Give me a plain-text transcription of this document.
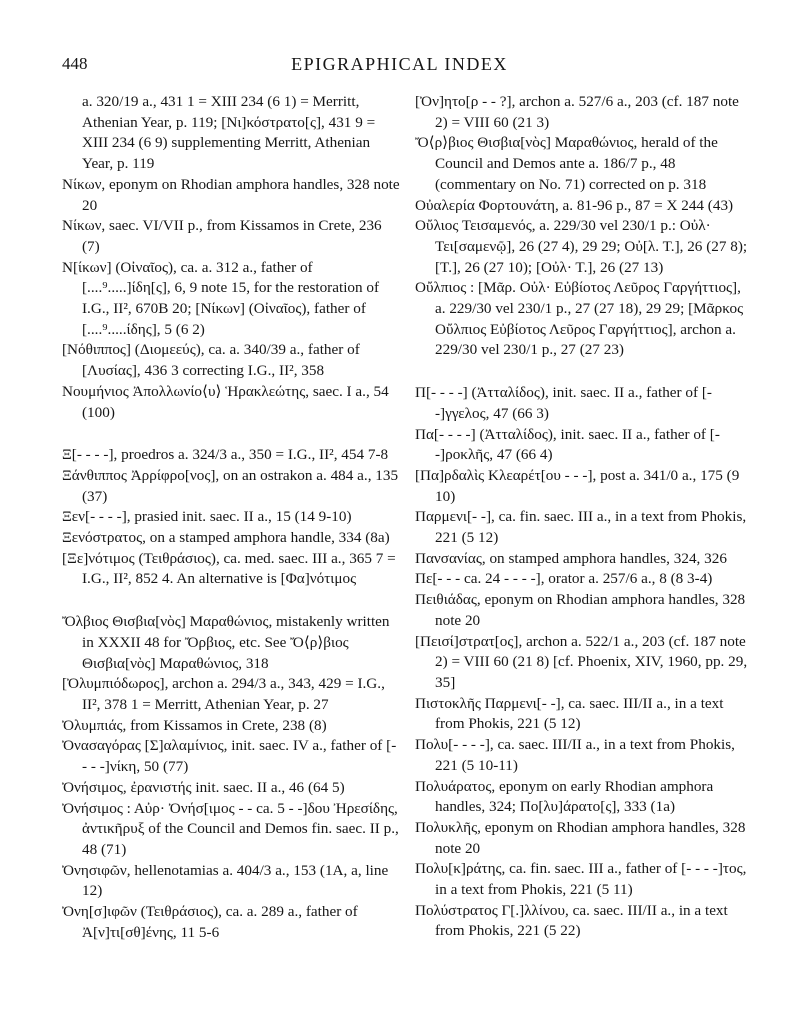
448	EPIGRAPHICAL INDEX
a. 320/19 a., 431 1 = XIII 234 (6 1) = Merritt, Athenian Year, p. 119; [Νι]κόστρατο[ς], 431 9 = XIII 234 (6 9) supplementing Merritt, Athenian Year, p. 119
Νίκων, eponym on Rhodian amphora handles, 328 note 20
Νίκων, saec. VI/VII p., from Kissamos in Crete, 236 (7)
N[ίκων] (Οἰναῖος), ca. a. 312 a., father of [....⁹.....]ίδη[ς], 6, 9 note 15, for the restoration of I.G., II², 670B 20; [Νίκων] (Οἰναῖος), father of [....⁹.....ίδης], 5 (6 2)
[Νόθιππος] (Διομεεύς), ca. a. 340/39 a., father of [Λυσίας], 436 3 correcting I.G., II², 358
Νουμήνιος Ἀπολλωνίο⟨υ⟩ Ἡρακλεώτης, saec. I a., 54 (100)
Ξ[- - - -], proedros a. 324/3 a., 350 = I.G., II², 454 7-8
Ξάνθιππος Ἀρρίφρο[νος], on an ostrakon a. 484 a., 135 (37)
Ξεν[- - - -], prasied init. saec. II a., 15 (14 9-10)
Ξενόστρατος, on a stamped amphora handle, 334 (8a)
[Ξε]νότιμος (Τειθράσιος), ca. med. saec. III a., 365 7 = I.G., II², 852 4. An alternative is [Φα]νότιμος
Ὄλβιος Θισβια[νὸς] Μαραθώνιος, mistakenly written in XXXII 48 for Ὄρβιος, etc. See Ὄ⟨ρ⟩βιος Θισβια[νὸς] Μαραθώνιος, 318
[Ὀλυμπιόδωρος], archon a. 294/3 a., 343, 429 = I.G., II², 378 1 = Merritt, Athenian Year, p. 27
Ὀλυμπιάς, from Kissamos in Crete, 238 (8)
Ὀνασαγόρας [Σ]αλαμίνιος, init. saec. IV a., father of [- - - -]νίκη, 50 (77)
Ὀνήσιμος, ἐρανιστής init. saec. II a., 46 (64 5)
Ὀνήσιμος : Αὐρ· Ὀνήσ[ιμος - - ca. 5 - -]δου Ἠρεσίδης, ἀντικῆρυξ of the Council and Demos fin. saec. II p., 48 (71)
Ὀνησιφῶν, hellenotamias a. 404/3 a., 153 (1A, a, line 12)
Ὀνη[σ]ιφῶν (Τειθράσιος), ca. a. 289 a., father of Ἀ[ν]τι[σθ]ένης, 11 5-6
[Ὀν]ητο[ρ - - ?], archon a. 527/6 a., 203 (cf. 187 note 2) = VIII 60 (21 3)
Ὄ⟨ρ⟩βιος Θισβια[νὸς] Μαραθώνιος, herald of the Council and Demos ante a. 186/7 p., 48 (commentary on No. 71) corrected on p. 318
Οὐαλερία Φορτουνάτη, a. 81-96 p., 87 = X 244 (43)
Οὔλιος Τεισαμενός, a. 229/30 vel 230/1 p.: Οὐλ· Τει[σαμενῷ], 26 (27 4), 29 29; Οὐ[λ. Τ.], 26 (27 8); [Τ.], 26 (27 10); [Οὐλ· Τ.], 26 (27 13)
Οὔλπιος : [Μᾶρ. Οὐλ· Εὐβίοτος Λεῦρος Γαργήττιος], a. 229/30 vel 230/1 p., 27 (27 18), 29 29; [Μᾶρκος Οὔλπιος Εὐβίοτος Λεῦρος Γαργήττιος], archon a. 229/30 vel 230/1 p., 27 (27 23)
Π[- - - -] (Ἀτταλίδος), init. saec. II a., father of [- -]γγελος, 47 (66 3)
Πα[- - - -] (Ἀτταλίδος), init. saec. II a., father of [- -]ροκλῆς, 47 (66 4)
[Πα]ρδαλὶς Κλεαρέτ[ου - - -], post a. 341/0 a., 175 (9 10)
Παρμενι[- -], ca. fin. saec. III a., in a text from Phokis, 221 (5 12)
Πανσανίας, on stamped amphora handles, 324, 326
Πε[- - - ca. 24 - - - -], orator a. 257/6 a., 8 (8 3-4)
Πειθιάδας, eponym on Rhodian amphora handles, 328 note 20
[Πεισί]στρατ[ος], archon a. 522/1 a., 203 (cf. 187 note 2) = VIII 60 (21 8) [cf. Phoenix, XIV, 1960, pp. 29, 35]
Πιστοκλῆς Παρμενι[- -], ca. saec. III/II a., in a text from Phokis, 221 (5 12)
Πολυ[- - - -], ca. saec. III/II a., in a text from Phokis, 221 (5 10-11)
Πολυάρατος, eponym on early Rhodian amphora handles, 324; Πο[λυ]άρατο[ς], 333 (1a)
Πολυκλῆς, eponym on Rhodian amphora handles, 328 note 20
Πολυ[κ]ράτης, ca. fin. saec. III a., father of [- - - -]τος, in a text from Phokis, 221 (5 11)
Πολύστρατος Γ[.]λλίνου, ca. saec. III/II a., in a text from Phokis, 221 (5 22)
